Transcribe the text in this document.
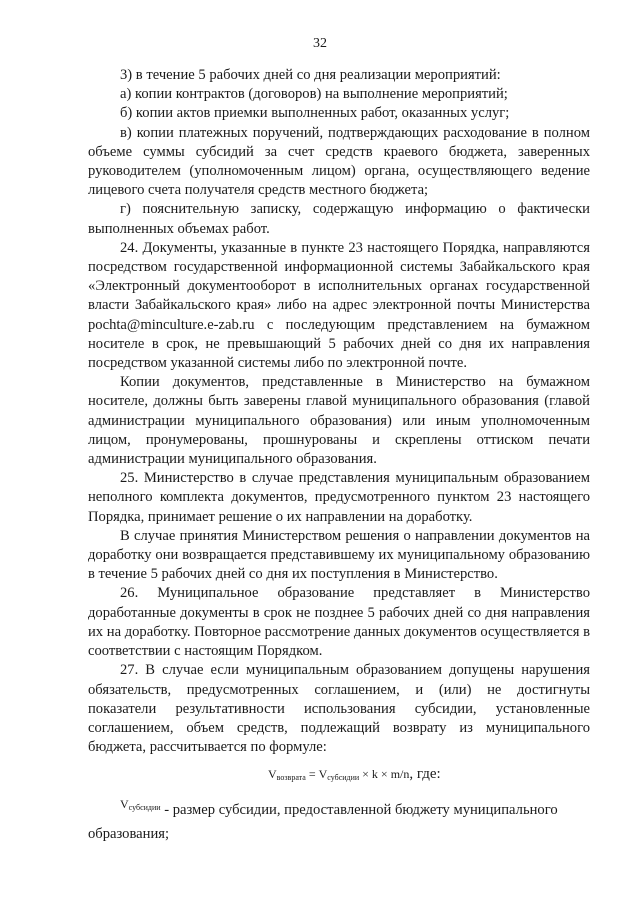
32

3) в течение 5 рабочих дней со дня реализации мероприятий:

а) копии контрактов (договоров) на выполнение мероприятий;

б) копии актов приемки выполненных работ, оказанных услуг;

в) копии платежных поручений, подтверждающих расходование в полном объеме суммы субсидий за счет средств краевого бюджета, заверенных руководителем (уполномоченным лицом) органа, осуществляющего ведение лицевого счета получателя средств местного бюджета;

г) пояснительную записку, содержащую информацию о фактически выполненных объемах работ.

24. Документы, указанные в пункте 23 настоящего Порядка, направляются посредством государственной информационной системы Забайкальского края «Электронный документооборот в исполнительных органах государственной власти Забайкальского края» либо на адрес электронной почты Министерства pochta@minculture.e-zab.ru с последующим представлением на бумажном носителе в срок, не превышающий 5 рабочих дней со дня их направления посредством указанной системы либо по электронной почте.

Копии документов, представленные в Министерство на бумажном носителе, должны быть заверены главой муниципального образования (главой администрации муниципального образования) или иным уполномоченным лицом, пронумерованы, прошнурованы и скреплены оттиском печати администрации муниципального образования.

25. Министерство в случае представления муниципальным образованием неполного комплекта документов, предусмотренного пунктом 23 настоящего Порядка, принимает решение о их направлении на доработку.

В случае принятия Министерством решения о направлении документов на доработку они возвращается представившему их муниципальному образованию в течение 5 рабочих дней со дня их поступления в Министерство.

26. Муниципальное образование представляет в Министерство доработанные документы в срок не позднее 5 рабочих дней со дня направления их на доработку. Повторное рассмотрение данных документов осуществляется в соответствии с настоящим Порядком.

27. В случае если муниципальным образованием допущены нарушения обязательств, предусмотренных соглашением, и (или) не достигнуты показатели результативности использования субсидии, установленные соглашением, объем средств, подлежащий возврату из муниципального бюджета, рассчитывается по формуле:

$V_{возврата} = V_{субсидии} \times k \times m/n$, где:
$^{V_{субсидии}}$ - размер субсидии, предоставленной бюджету муниципального образования;
